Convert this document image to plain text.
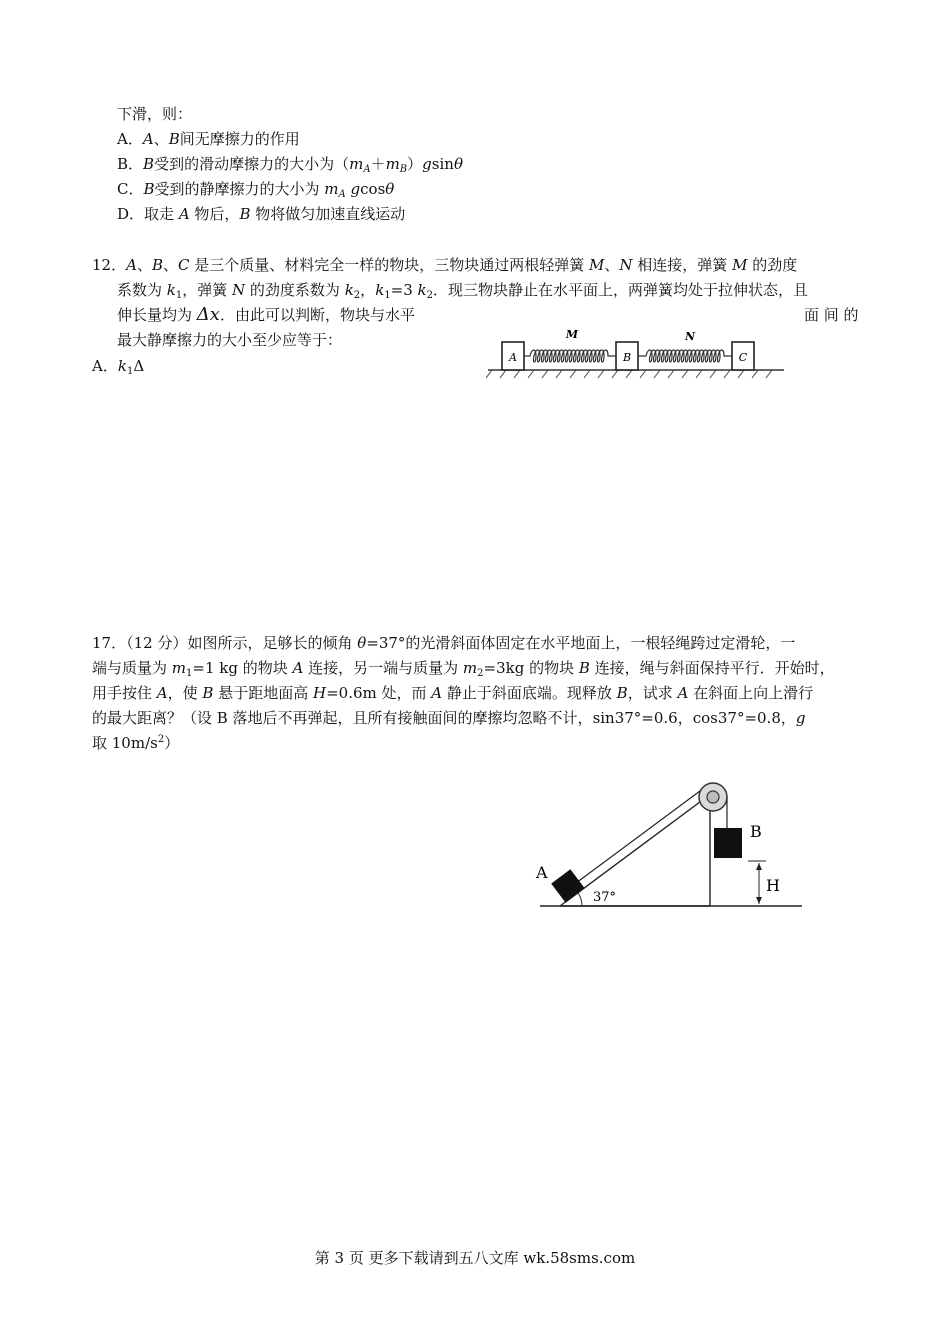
下滑，则：
A．A、B间无摩擦力的作用
B．B受到的滑动摩擦力的大小为$(m_A+m_B)gsin\theta$
C．B受到的静摩擦力的大小为 $m_A$ gcosθ
D．取走 A 物后，B 物将做匀加速直线运动
12．A、B、C 是三个质量、材料完全一样的物块，三物块通过两根轻弹簧 M、N 相连接，弹簧 M 的劲度
系数为 $k_1$，弹簧 N 的劲度系数为 $k_2$，$k_1=3$ $k_2$．现三物块静止在水平面上，两弹簧均处于拉伸状态，且
伸长量均为 Δx．由此可以判断，物块与水平	面 间 的
最大静摩擦力的大小至少应等于：
A．$k_1\Delta$	A	B	C
M	N
17．（12 分）如图所示，足够长的倾角 θ=37°的光滑斜面体固定在水平地面上，一根轻绳跨过定滑轮，一
端与质量为 $m_1=1$ kg 的物块 A 连接，另一端与质量为 $m_2=3kg$ 的物块 B 连接，绳与斜面保持平行．开始时，
用手按住 A，使 B 悬于距地面高 H=0.6m 处，而 A 静止于斜面底端。现释放 B，试求 A 在斜面上向上滑行
的最大距离？（设 B 落地后不再弹起，且所有接触面间的摩擦均忽略不计，sin37°=0.6，cos37°=0.8，g
取 $10m/s^2$）
B
A
37°
H
第 3 页 更多下载请到五八文库 wk.58sms.com
